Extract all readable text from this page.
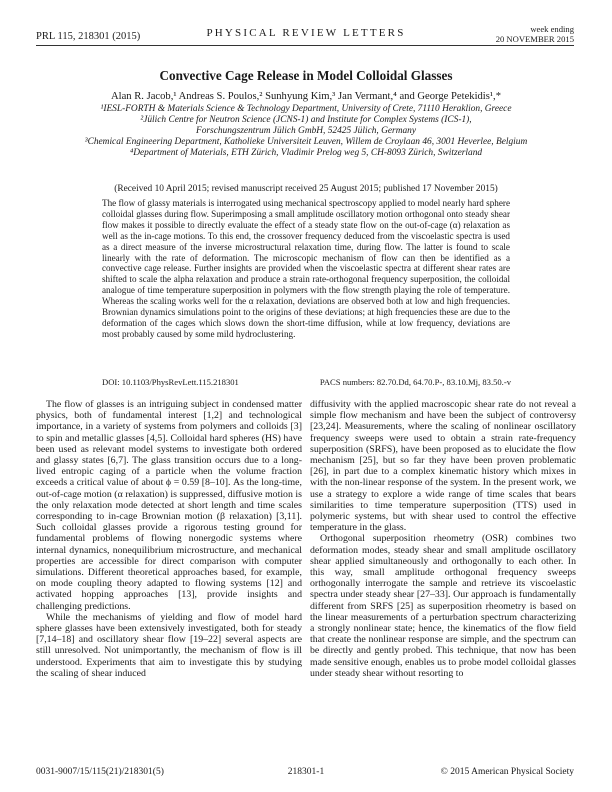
PRL 115, 218301 (2015)	PHYSICAL REVIEW LETTERS	week ending
20 NOVEMBER 2015
Convective Cage Release in Model Colloidal Glasses
Alan R. Jacob,¹ Andreas S. Poulos,² Sunhyung Kim,³ Jan Vermant,⁴ and George Petekidis¹,*
¹IESL-FORTH & Materials Science & Technology Department, University of Crete, 71110 Heraklion, Greece
²Jülich Centre for Neutron Science (JCNS-1) and Institute for Complex Systems (ICS-1),
Forschungszentrum Jülich GmbH, 52425 Jülich, Germany
³Chemical Engineering Department, Katholieke Universiteit Leuven, Willem de Croylaan 46, 3001 Heverlee, Belgium
⁴Department of Materials, ETH Zürich, Vladimir Prelog weg 5, CH-8093 Zürich, Switzerland
(Received 10 April 2015; revised manuscript received 25 August 2015; published 17 November 2015)
The flow of glassy materials is interrogated using mechanical spectroscopy applied to model nearly hard sphere colloidal glasses during flow. Superimposing a small amplitude oscillatory motion orthogonal onto steady shear flow makes it possible to directly evaluate the effect of a steady state flow on the out-of-cage (α) relaxation as well as the in-cage motions. To this end, the crossover frequency deduced from the viscoelastic spectra is used as a direct measure of the inverse microstructural relaxation time, during flow. The latter is found to scale linearly with the rate of deformation. The microscopic mechanism of flow can then be identified as a convective cage release. Further insights are provided when the viscoelastic spectra at different shear rates are shifted to scale the alpha relaxation and produce a strain rate-orthogonal frequency superposition, the colloidal analogue of time temperature superposition in polymers with the flow strength playing the role of temperature. Whereas the scaling works well for the α relaxation, deviations are observed both at low and high frequencies. Brownian dynamics simulations point to the origins of these deviations; at high frequencies these are due to the deformation of the cages which slows down the short-time diffusion, while at low frequency, deviations are most probably caused by some mild hydroclustering.
DOI: 10.1103/PhysRevLett.115.218301	PACS numbers: 82.70.Dd, 64.70.P-, 83.10.Mj, 83.50.-v

The flow of glasses is an intriguing subject in condensed matter physics, both of fundamental interest [1,2] and technological importance, in a variety of systems from polymers and colloids [3] to spin and metallic glasses [4,5]. Colloidal hard spheres (HS) have been used as relevant model systems to investigate both ordered and glassy states [6,7]. The glass transition occurs due to a long-lived entropic caging of a particle when the volume fraction exceeds a critical value of about ϕ = 0.59 [8–10]. As the long-time, out-of-cage motion (α relaxation) is suppressed, diffusive motion is the only relaxation mode detected at short length and time scales corresponding to in-cage Brownian motion (β relaxation) [3,11]. Such colloidal glasses provide a rigorous testing ground for fundamental problems of flowing nonergodic systems where internal dynamics, nonequilibrium microstructure, and mechanical properties are accessible for direct comparison with computer simulations. Different theoretical approaches based, for example, on mode coupling theory adapted to flowing systems [12] and activated hopping approaches [13], provide insights and challenging predictions.

While the mechanisms of yielding and flow of model hard sphere glasses have been extensively investigated, both for steady [7,14–18] and oscillatory shear flow [19–22] several aspects are still unresolved. Not unimportantly, the mechanism of flow is ill understood. Experiments that aim to investigate this by studying the scaling of shear induced

diffusivity with the applied macroscopic shear rate do not reveal a simple flow mechanism and have been the subject of controversy [23,24]. Measurements, where the scaling of nonlinear oscillatory frequency sweeps were used to obtain a strain rate-frequency superposition (SRFS), have been proposed as to elucidate the flow mechanism [25], but so far they have been proven problematic [26], in part due to a complex kinematic history which mixes in with the non-linear response of the system. In the present work, we use a strategy to explore a wide range of time scales that bears similarities to time temperature superposition (TTS) used in polymeric systems, but with shear used to control the effective temperature in the glass.

Orthogonal superposition rheometry (OSR) combines two deformation modes, steady shear and small amplitude oscillatory shear applied simultaneously and orthogonally to each other. In this way, small amplitude orthogonal frequency sweeps orthogonally interrogate the sample and retrieve its viscoelastic spectra under steady shear [27–33]. Our approach is fundamentally different from SRFS [25] as superposition rheometry is based on the linear measurements of a perturbation spectrum characterizing a strongly nonlinear state; hence, the kinematics of the flow field that create the nonlinear response are simple, and the spectrum can be directly and gently probed. This technique, that now has been made sensitive enough, enables us to probe model colloidal glasses under steady shear without resorting to

0031-9007/15/115(21)/218301(5)	218301-1	© 2015 American Physical Society
